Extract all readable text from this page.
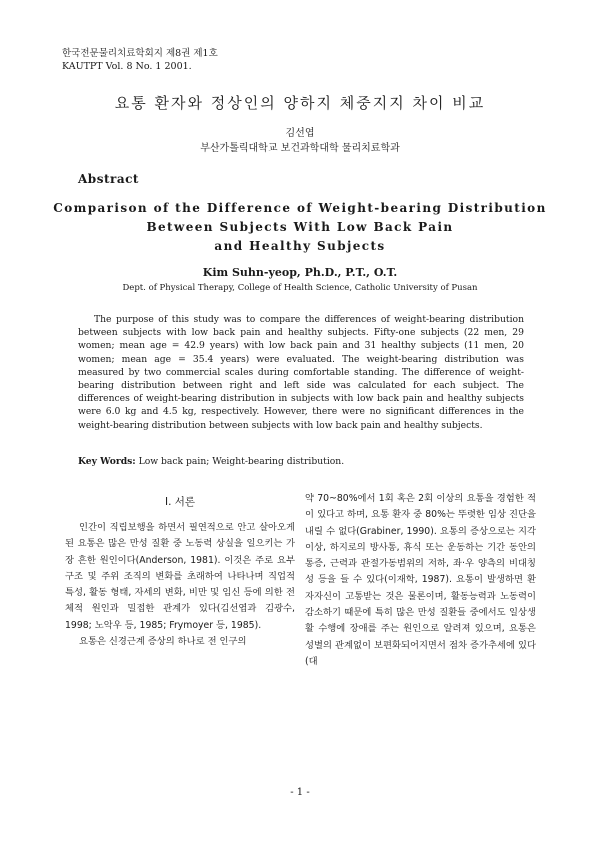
한국전문물리치료학회지 제8권 제1호
KAUTPT Vol. 8 No. 1 2001.
요통 환자와 정상인의 양하지 체중지지 차이 비교
김선엽
부산가톨릭대학교 보건과학대학 물리치료학과
Abstract
Comparison of the Difference of Weight-bearing Distribution
Between Subjects With Low Back Pain
and Healthy Subjects
Kim Suhn-yeop, Ph.D., P.T., O.T.
Dept. of Physical Therapy, College of Health Science, Catholic University of Pusan

The purpose of this study was to compare the differences of weight-bearing distribution between subjects with low back pain and healthy subjects. Fifty-one subjects (22 men, 29 women; mean age = 42.9 years) with low back pain and 31 healthy subjects (11 men, 20 women; mean age = 35.4 years) were evaluated. The weight-bearing distribution was measured by two commercial scales during comfortable standing. The difference of weight-bearing distribution between right and left side was calculated for each subject. The differences of weight-bearing distribution in subjects with low back pain and healthy subjects were 6.0 kg and 4.5 kg, respectively. However, there were no significant differences in the weight-bearing distribution between subjects with low back pain and healthy subjects.

Key Words: Low back pain; Weight-bearing distribution.
I. 서론

인간이 직립보행을 하면서 필연적으로 안고 살아오게 된 요통은 많은 만성 질환 중 노동력 상실을 일으키는 가장 흔한 원인이다(Anderson, 1981). 이것은 주로 요부 구조 및 주위 조직의 변화를 초래하여 나타나며 직업적 특성, 활동 형태, 자세의 변화, 비만 및 임신 등에 의한 전체적 원인과 밀접한 관계가 있다(김선엽과 김광수, 1998; 노악우 등, 1985; Frymoyer 등, 1985).

요통은 신경근계 증상의 하나로 전 인구의

약 70~80%에서 1회 혹은 2회 이상의 요통을 경험한 적이 있다고 하며, 요통 환자 중 80%는 뚜렷한 임상 진단을 내릴 수 없다(Grabiner, 1990). 요통의 증상으로는 지각이상, 하지로의 방사통, 휴식 또는 운동하는 기간 동안의 통증, 근력과 관절가동범위의 저하, 좌·우 양측의 비대칭성 등을 들 수 있다(이재학, 1987). 요통이 발생하면 환자자신이 고통받는 것은 물론이며, 활동능력과 노동력이 감소하기 때문에 특히 많은 만성 질환들 중에서도 일상생활 수행에 장애를 주는 원인으로 알려져 있으며, 요통은 성별의 관계없이 보편화되어지면서 점차 증가추세에 있다(대

- 1 -
